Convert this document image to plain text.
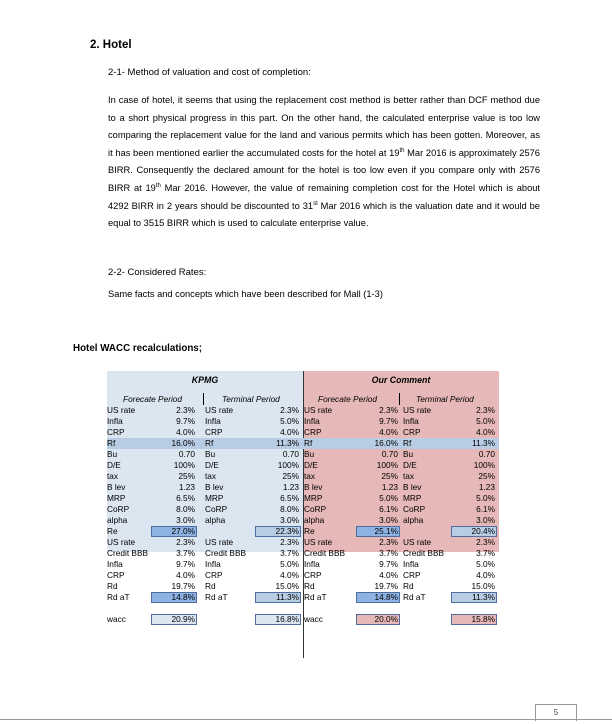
2. Hotel
2-1- Method of valuation and cost of completion:
In case of hotel, it seems that using the replacement cost method is better rather than DCF method due to a short physical progress in this part. On the other hand, the calculated enterprise value is too low comparing the replacement value for the land and various permits which has been gotten. Moreover, as it has been mentioned earlier the accumulated costs for the hotel at 19th Mar 2016 is approximately 2576 BIRR. Consequently the declared amount for the hotel is too low even if you compare only with 2576 BIRR at 19th Mar 2016. However, the value of remaining completion cost for the Hotel which is about 4292 BIRR in 2 years should be discounted to 31st Mar 2016 which is the valuation date and it would be equal to 3515 BIRR which is used to calculate enterprise value.
2-2- Considered Rates:
Same facts and concepts which have been described for Mall (1-3)
Hotel WACC recalculations;
KPMG	Our Comment
Forecate Period	Terminal Period	Forecate Period	Terminal Period
US rate	2.3% US rate	2.3% US rate	2.3% US rate	2.3%
Infla	9.7% Infla	5.0% Infla	9.7% Infla	5.0%
CRP	4.0% CRP	4.0% CRP	4.0% CRP	4.0%
Rf	16.0% Rf	11.3% Rf	16.0% Rf	11.3%
Bu	0.70 Bu	0.70 Bu	0.70 Bu	0.70
D/E	100% D/E	100% D/E	100% D/E	100%
tax	25% tax	25% tax	25% tax	25%
B lev	1.23 B lev	1.23 B lev	1.23 B lev	1.23
MRP	6.5% MRP	6.5% MRP	5.0% MRP	5.0%
CoRP	8.0% CoRP	8.0% CoRP	6.1% CoRP	6.1%
alpha	3.0% alpha	3.0% alpha	3.0% alpha	3.0%
Re	27.0%	22.3% Re	25.1%	20.4%
US rate	2.3% US rate	2.3% US rate	2.3% US rate	2.3%
Credit BBB	3.7% Credit BBB	3.7% Credit BBB	3.7% Credit BBB	3.7%
Infla	9.7% Infla	5.0% Infla	9.7% Infla	5.0%
CRP	4.0% CRP	4.0% CRP	4.0% CRP	4.0%
Rd	19.7% Rd	15.0% Rd	19.7% Rd	15.0%
Rd aT	14.8% Rd aT	11.3% Rd aT	14.8% Rd aT	11.3%
wacc	20.9%	16.8% wacc	20.0%	15.8%
5
